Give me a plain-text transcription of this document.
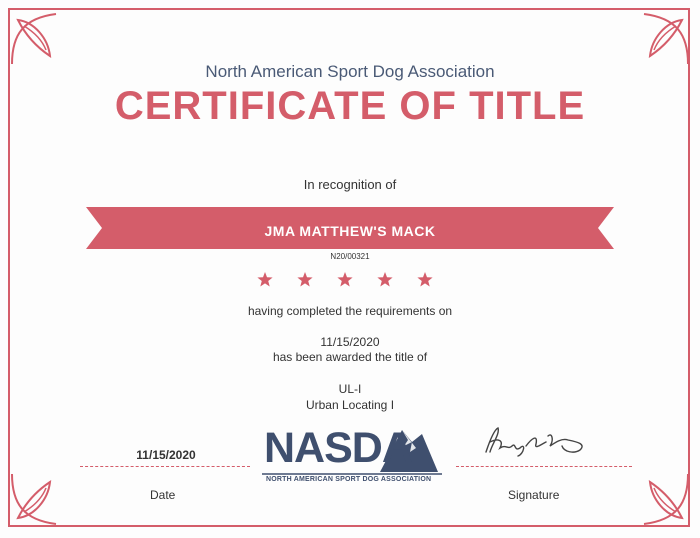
North American Sport Dog Association
CERTIFICATE OF TITLE
In recognition of
JMA MATTHEW'S MACK
N20/00321
having completed the requirements on
11/15/2020
has been awarded the title of
UL-I
Urban Locating I
11/15/2020
Date
NASDA
NORTH AMERICAN SPORT DOG ASSOCIATION
Signature
